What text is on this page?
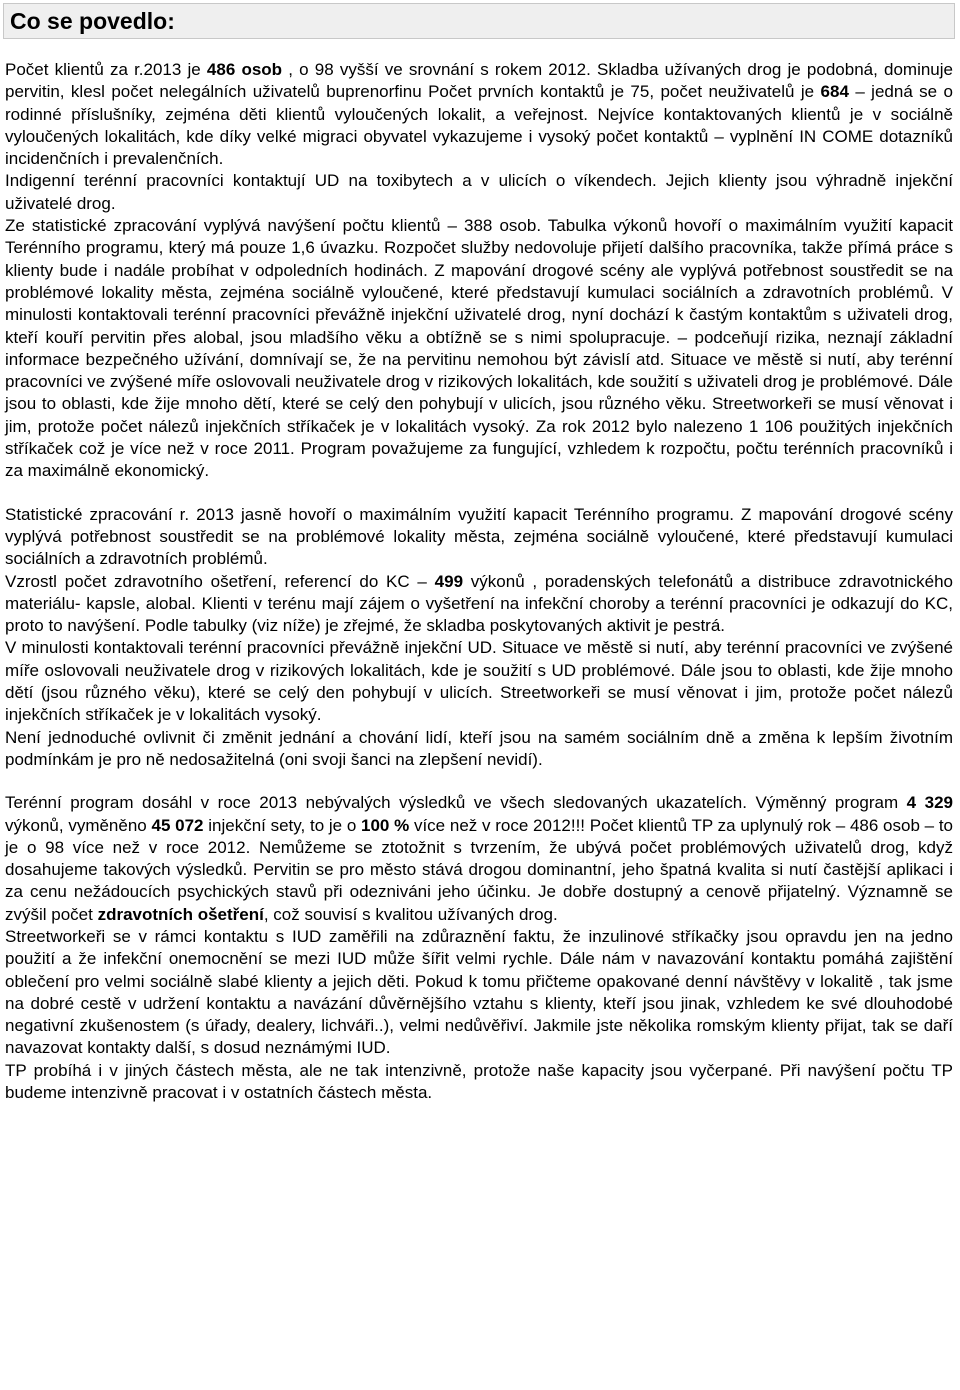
Co se povedlo:

Počet klientů za r.2013 je 486 osob , o 98 vyšší ve srovnání s rokem 2012. Skladba užívaných drog je podobná, dominuje pervitin, klesl počet nelegálních uživatelů buprenorfinu Počet prvních kontaktů je 75, počet neuživatelů je 684 – jedná se o rodinné příslušníky, zejména děti klientů vyloučených lokalit, a veřejnost. Nejvíce kontaktovaných klientů je v sociálně vyloučených lokalitách, kde díky velké migraci obyvatel vykazujeme i vysoký počet kontaktů – vyplnění IN COME dotazníků incidenčních i prevalenčních.

Indigenní terénní pracovníci kontaktují UD na toxibytech a v ulicích o víkendech. Jejich klienty jsou výhradně injekční uživatelé drog.

Ze statistické zpracování vyplývá navýšení počtu klientů – 388 osob. Tabulka výkonů hovoří o maximálním využití kapacit Terénního programu, který má pouze 1,6 úvazku. Rozpočet služby nedovoluje přijetí dalšího pracovníka, takže přímá práce s klienty bude i nadále probíhat v odpoledních hodinách. Z mapování drogové scény ale vyplývá potřebnost soustředit se na problémové lokality města, zejména sociálně vyloučené, které představují kumulaci sociálních a zdravotních problémů. V minulosti kontaktovali terénní pracovníci převážně injekční uživatelé drog, nyní dochází k častým kontaktům s uživateli drog, kteří kouří pervitin přes alobal, jsou mladšího věku a obtížně se s nimi spolupracuje. – podceňují rizika, neznají základní informace bezpečného užívání, domnívají se, že na pervitinu nemohou být závislí atd. Situace ve městě si nutí, aby terénní pracovníci ve zvýšené míře oslovovali neuživatele drog v rizikových lokalitách, kde soužití s uživateli drog je problémové. Dále jsou to oblasti, kde žije mnoho dětí, které se celý den pohybují v ulicích, jsou různého věku. Streetworkeři se musí věnovat i jim, protože počet nálezů injekčních stříkaček je v lokalitách vysoký. Za rok 2012 bylo nalezeno 1 106 použitých injekčních stříkaček což je více než v roce 2011. Program považujeme za fungující, vzhledem k rozpočtu, počtu terénních pracovníků i za maximálně ekonomický.

Statistické zpracování r. 2013 jasně hovoří o maximálním využití kapacit Terénního programu. Z mapování drogové scény vyplývá potřebnost soustředit se na problémové lokality města, zejména sociálně vyloučené, které představují kumulaci sociálních a zdravotních problémů.

Vzrostl počet zdravotního ošetření, referencí do KC – 499 výkonů , poradenských telefonátů a distribuce zdravotnického materiálu- kapsle, alobal. Klienti v terénu mají zájem o vyšetření na infekční choroby a terénní pracovníci je odkazují do KC, proto to navýšení. Podle tabulky (viz níže) je zřejmé, že skladba poskytovaných aktivit je pestrá.

V minulosti kontaktovali terénní pracovníci převážně injekční UD. Situace ve městě si nutí, aby terénní pracovníci ve zvýšené míře oslovovali neuživatele drog v rizikových lokalitách, kde je soužití s UD problémové. Dále jsou to oblasti, kde žije mnoho dětí (jsou různého věku), které se celý den pohybují v ulicích. Streetworkeři se musí věnovat i jim, protože počet nálezů injekčních stříkaček je v lokalitách vysoký.

Není jednoduché ovlivnit či změnit jednání a chování lidí, kteří jsou na samém sociálním dně a změna k lepším životním podmínkám je pro ně nedosažitelná (oni svoji šanci na zlepšení nevidí).

Terénní program dosáhl v roce 2013 nebývalých výsledků ve všech sledovaných ukazatelích. Výměnný program 4 329 výkonů, vyměněno 45 072 injekční sety, to je o 100 % více než v roce 2012!!! Počet klientů TP za uplynulý rok – 486 osob – to je o 98 více než v roce 2012. Nemůžeme se ztotožnit s tvrzením, že ubývá počet problémových uživatelů drog, když dosahujeme takových výsledků. Pervitin se pro město stává drogou dominantní, jeho špatná kvalita si nutí častější aplikaci i za cenu nežádoucích psychických stavů při odezniváni jeho účinku. Je dobře dostupný a cenově přijatelný. Významně se zvýšil počet zdravotních ošetření, což souvisí s kvalitou užívaných drog.

Streetworkeři se v rámci kontaktu s IUD zaměřili na zdůraznění faktu, že inzulinové stříkačky jsou opravdu jen na jedno použití a že infekční onemocnění se mezi IUD může šířit velmi rychle. Dále nám v navazování kontaktu pomáhá zajištění oblečení pro velmi sociálně slabé klienty a jejich děti. Pokud k tomu přičteme opakované denní návštěvy v lokalitě , tak jsme na dobré cestě v udržení kontaktu a navázání důvěrnějšího vztahu s klienty, kteří jsou jinak, vzhledem ke své dlouhodobé negativní zkušenostem (s úřady, dealery, lichváři..), velmi nedůvěřiví. Jakmile jste několika romským klienty přijat, tak se daří navazovat kontakty další, s dosud neznámými IUD.

TP probíhá i v jiných částech města, ale ne tak intenzivně, protože naše kapacity jsou vyčerpané. Při navýšení počtu TP budeme intenzivně pracovat i v ostatních částech města.
